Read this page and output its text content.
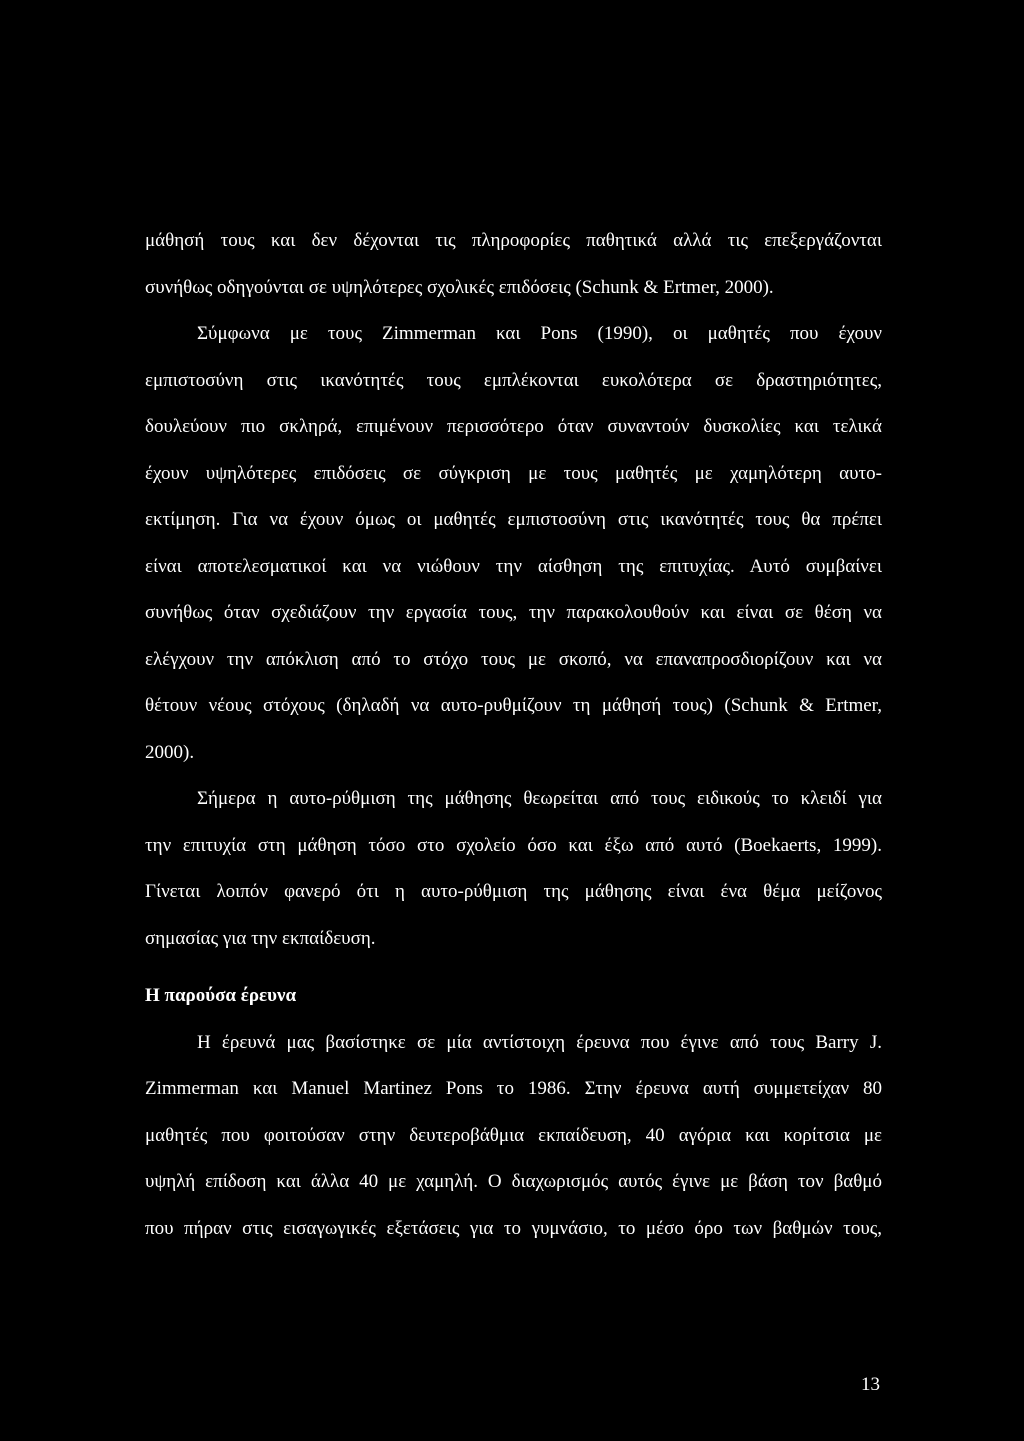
μάθησή τους και δεν δέχονται τις πληροφορίες παθητικά αλλά τις επεξεργάζονται
συνήθως οδηγούνται σε υψηλότερες σχολικές επιδόσεις (Schunk & Ertmer, 2000).
Σύμφωνα με τους Zimmerman και Pons (1990), οι μαθητές που έχουν
εμπιστοσύνη στις ικανότητές τους εμπλέκονται ευκολότερα σε δραστηριότητες,
δουλεύουν πιο σκληρά, επιμένουν περισσότερο όταν συναντούν δυσκολίες και τελικά
έχουν υψηλότερες επιδόσεις σε σύγκριση με τους μαθητές με χαμηλότερη αυτο-
εκτίμηση. Για να έχουν όμως οι μαθητές εμπιστοσύνη στις ικανότητές τους θα πρέπει
είναι αποτελεσματικοί και να νιώθουν την αίσθηση της επιτυχίας. Αυτό συμβαίνει
συνήθως όταν σχεδιάζουν την εργασία τους, την παρακολουθούν και είναι σε θέση να
ελέγχουν την απόκλιση από το στόχο τους με σκοπό, να επαναπροσδιορίζουν και να
θέτουν νέους στόχους (δηλαδή να αυτο-ρυθμίζουν τη μάθησή τους) (Schunk & Ertmer,
2000).
Σήμερα η αυτο-ρύθμιση της μάθησης θεωρείται από τους ειδικούς το κλειδί για
την επιτυχία στη μάθηση τόσο στο σχολείο όσο και έξω από αυτό (Boekaerts, 1999).
Γίνεται λοιπόν φανερό ότι η αυτο-ρύθμιση της μάθησης είναι ένα θέμα μείζονος
σημασίας για την εκπαίδευση.
Η παρούσα έρευνα
Η έρευνά μας βασίστηκε σε μία αντίστοιχη έρευνα που έγινε από τους Barry J.
Zimmerman και Manuel Martinez Pons το 1986. Στην έρευνα αυτή συμμετείχαν 80
μαθητές που φοιτούσαν στην δευτεροβάθμια εκπαίδευση, 40 αγόρια και κορίτσια με
υψηλή επίδοση και άλλα 40 με χαμηλή. Ο διαχωρισμός αυτός έγινε με βάση τον βαθμό
που πήραν στις εισαγωγικές εξετάσεις για το γυμνάσιο, το μέσο όρο των βαθμών τους,
13
